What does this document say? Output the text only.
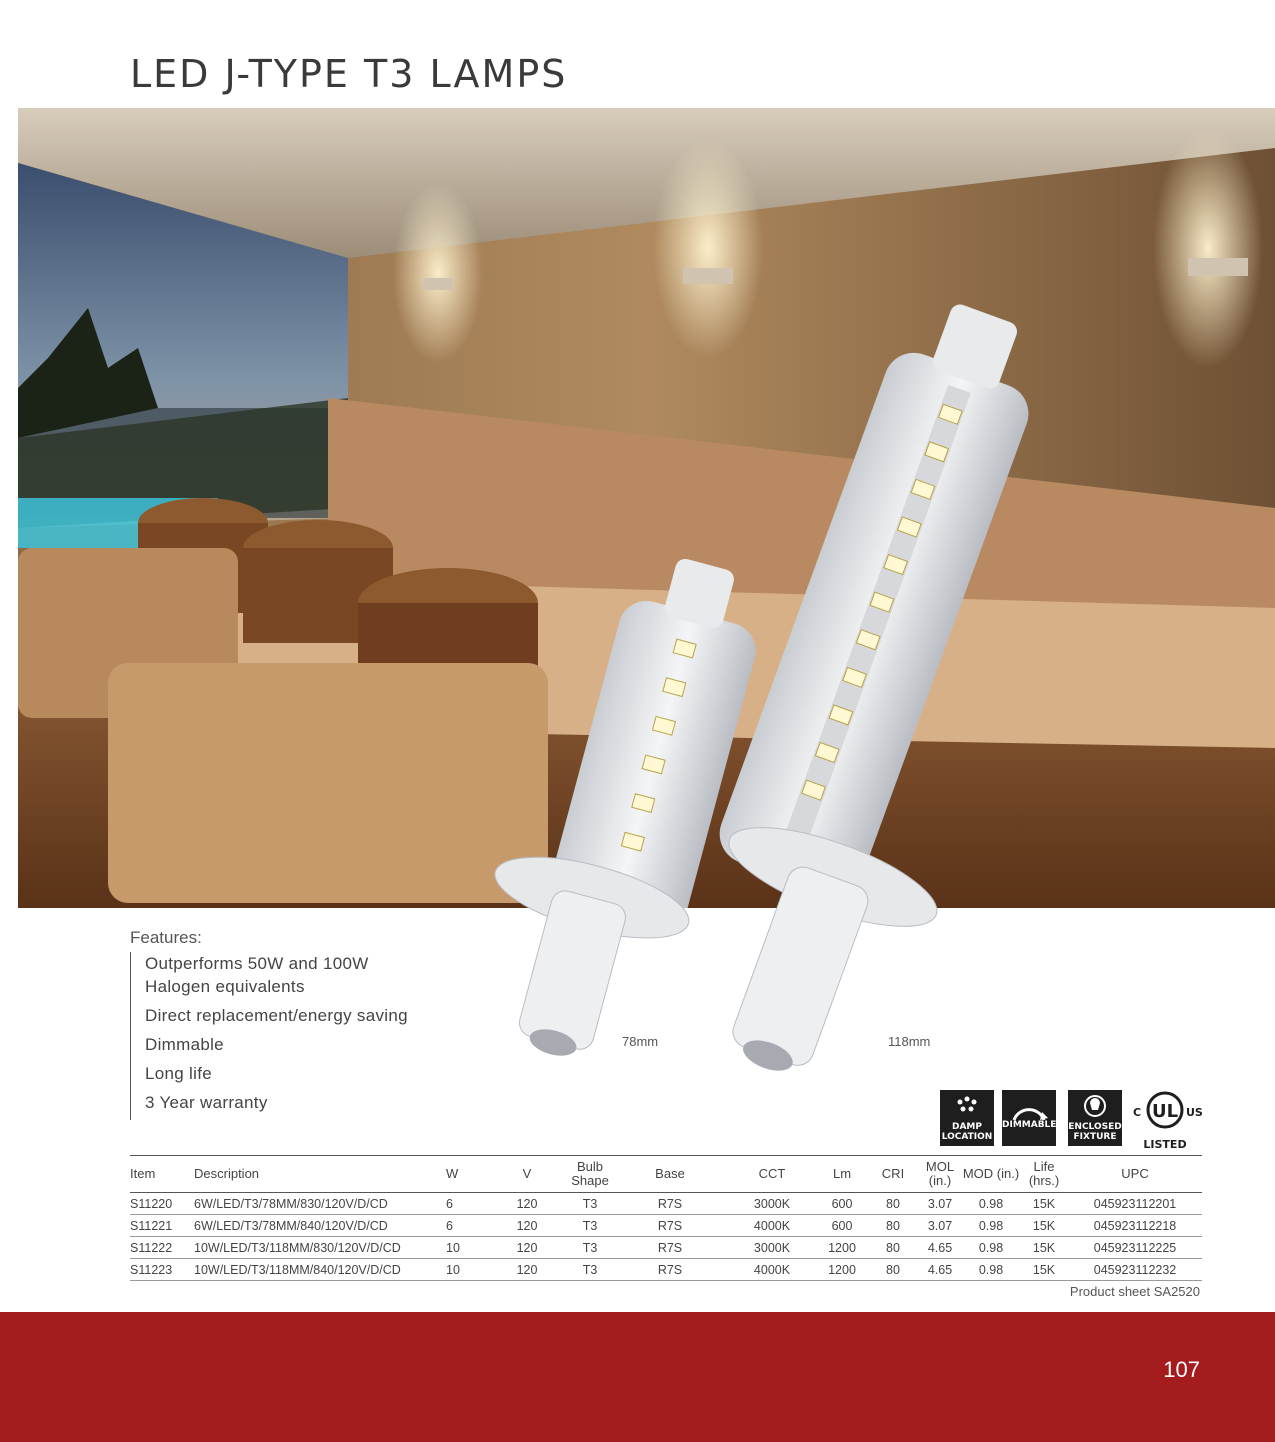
LED J-TYPE T3 LAMPS
Features:
Outperforms 50W and 100W Halogen equivalents
Direct replacement/energy saving
Dimmable
Long life
3 Year warranty
78mm	118mm
DAMP
LOCATION
DIMMABLE ENCLOSED
FIXTURE
UL
C	US
LISTED
Item	Description	W	V	Bulb Shape	Base	CCT	Lm	CRI	MOL (in.)	MOD (in.)	Life (hrs.)	UPC
S11220	6W/LED/T3/78MM/830/120V/D/CD	6	120	T3	R7S	3000K	600	80	3.07	0.98	15K	045923112201
S11221	6W/LED/T3/78MM/840/120V/D/CD	6	120	T3	R7S	4000K	600	80	3.07	0.98	15K	045923112218
S11222	10W/LED/T3/118MM/830/120V/D/CD	10	120	T3	R7S	3000K	1200	80	4.65	0.98	15K	045923112225
S11223	10W/LED/T3/118MM/840/120V/D/CD	10	120	T3	R7S	4000K	1200	80	4.65	0.98	15K	045923112232
Product sheet SA2520
107
